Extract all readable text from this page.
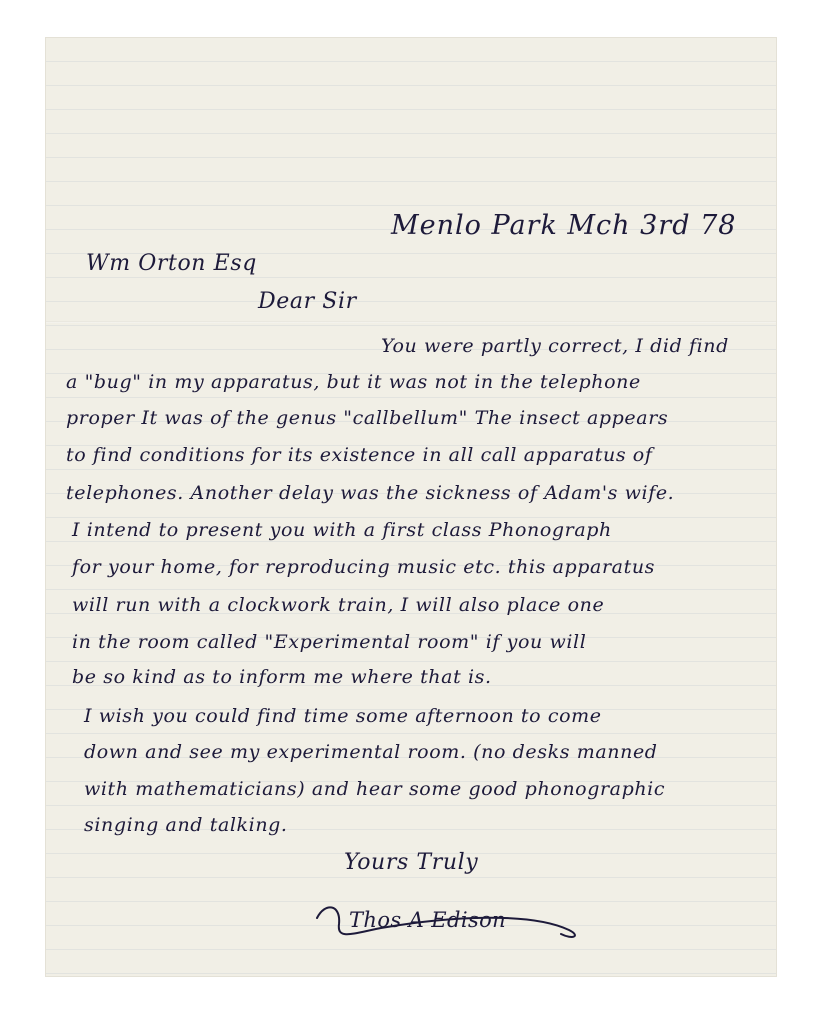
Menlo Park Mch 3rd 78

Wm Orton Esq

Dear Sir

You were partly correct, I did find

a "bug" in my apparatus, but it was not in the telephone

proper It was of the genus "callbellum" The insect appears

to find conditions for its existence in all call apparatus of

telephones. Another delay was the sickness of Adam's wife.

I intend to present you with a first class Phonograph

for your home, for reproducing music etc. this apparatus

will run with a clockwork train, I will also place one

in the room called "Experimental room" if you will

be so kind as to inform me where that is.

I wish you could find time some afternoon to come

down and see my experimental room. (no desks manned

with mathematicians) and hear some good phonographic

singing and talking.

Yours Truly

Thos A Edison
